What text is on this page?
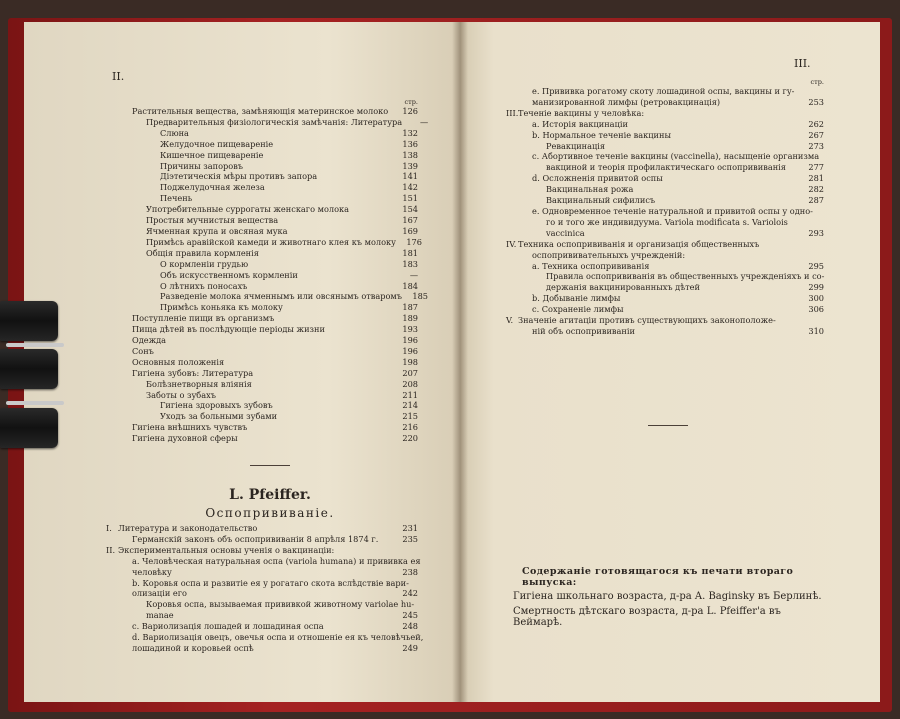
II.
III.
стр.
Растительныя вещества, замѣняющія материнское молоко	126
Предварительныя физiологическiя замѣчанiя: Литература	—
Слюна	132
Желудочное пищеваренiе	136
Кишечное пищеваренiе	138
Причины запоровъ	139
Дiэтетическiя мѣры противъ запора	141
Поджелудочная железа	142
Печень	151
Употребительные суррогаты женскаго молока	154
Простыя мучнистыя вещества	167
Ячменная крупа и овсяная мука	169
Примѣсь аравiйской камеди и животнаго клея къ молоку	176
Общiя правила кормленiя	181
О кормленiи грудью	183
Объ искусственномъ кормленiи	—
О лѣтнихъ поносахъ	184
Разведенiе молока ячменнымъ или овсянымъ отваромъ	185
Примѣсь коньяка къ молоку	187
Поступленiе пищи въ организмъ	189
Пища дѣтей въ послѣдующiе перiоды жизни	193
Одежда	196
Сонъ	196
Основныя положенiя	198
Гигiена зубовъ: Литература	207
Болѣзнетворныя влiянiя	208
Заботы о зубахъ	211
Гигiена здоровыхъ зубовъ	214
Уходъ за больными зубами	215
Гигiена внѣшнихъ чувствъ	216
Гигiена духовной сферы	220
L. Pfeiffer.
Оспопрививанiе.
I. Литература и законодательство	231
Германскiй законъ объ оспопрививанiи 8 апрѣля 1874 г.	235
II. Экспериментальныя основы ученiя о вакцинацiи:
a. Человѣческая натуральная оспа (variola humana) и прививка ея
человѣку	238
b. Коровья оспа и развитiе ея у рогатаго скота вслѣдствiе вари-
олизацiи его	242
Коровья оспа, вызываемая прививкой животному variolae hu-
manae	245
c. Вариолизацiя лошадей и лошадиная оспа	248
d. Вариолизацiя овецъ, овечья оспа и отношенiе ея къ человѣчьей,
лошадиной и коровьей оспѣ	249
стр.
e. Прививка рогатому скоту лошадиной оспы, вакцины и гу-
манизированной лимфы (ретровакцинацiя)	253
III. Теченiе вакцины у человѣка:
a. Исторiя вакцинацiи	262
b. Нормальное теченiе вакцины	267
Ревакцинацiя	273
c. Абортивное теченiе вакцины (vaccinella), насыщенiе организма
вакциной и теорiя профилактическаго оспопрививанiя	277
d. Осложненiя привитой оспы	281
Вакцинальная рожа	282
Вакцинальный сифилисъ	287
e. Одновременное теченiе натуральной и привитой оспы у одно-
го и того же индивидуума. Variola modificata s. Variolois
vacciniса	293
IV. Техника оспопрививанiя и организацiя общественныхъ
оспопрививательныхъ учрежденiй:
a. Техника оспопрививанiя	295
Правила оспопрививанiя въ общественныхъ учрежденiяхъ и со-
держанiя вакцинированныхъ дѣтей	299
b. Добыванiе лимфы	300
c. Сохраненiе лимфы	306
V. Значенiе агитацiи противъ существующихъ законоположе-
нiй объ оспопрививанiи	310
Содержанiе готовящагося къ печати втораго выпуска:
Гигiена школьнаго возраста, д-ра A. Baginsky въ Берлинѣ.
Смертность дѣтскаго возраста, д-ра L. Pfeiffer'a въ Веймарѣ.
